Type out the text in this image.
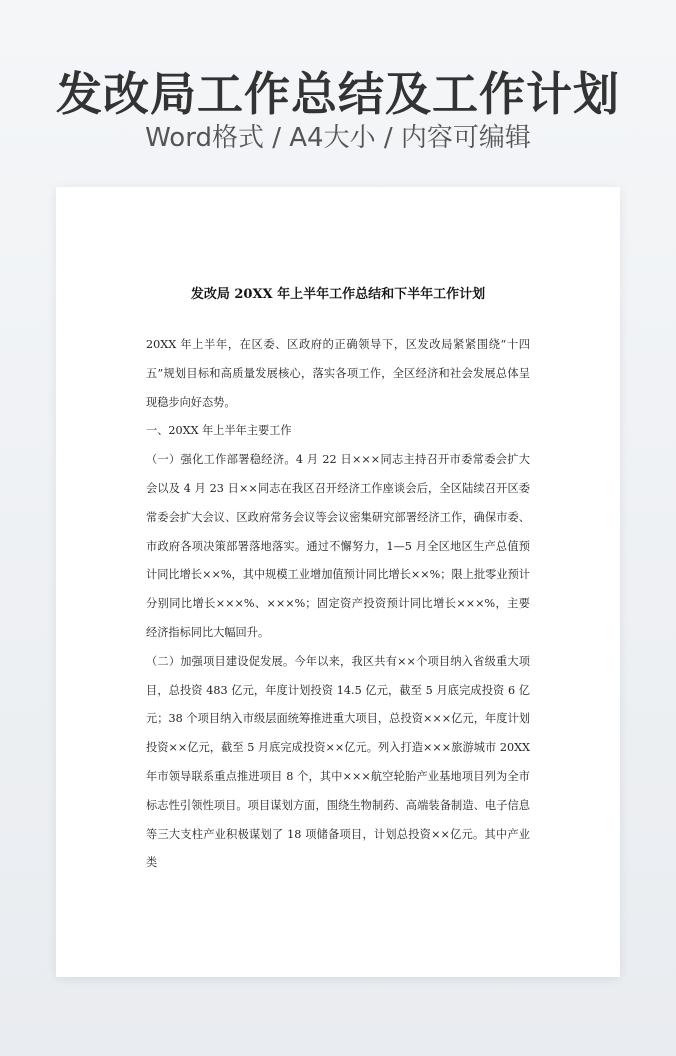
发改局工作总结及工作计划
Word格式 / A4大小 / 内容可编辑
发改局 20XX 年上半年工作总结和下半年工作计划

20XX 年上半年，在区委、区政府的正确领导下，区发改局紧紧围绕“十四五”规划目标和高质量发展核心，落实各项工作，全区经济和社会发展总体呈现稳步向好态势。

一、20XX 年上半年主要工作

（一）强化工作部署稳经济。4 月 22 日×××同志主持召开市委常委会扩大会以及 4 月 23 日××同志在我区召开经济工作座谈会后，全区陆续召开区委常委会扩大会议、区政府常务会议等会议密集研究部署经济工作，确保市委、市政府各项决策部署落地落实。通过不懈努力，1—5 月全区地区生产总值预计同比增长××%，其中规模工业增加值预计同比增长××%；限上批零业预计分别同比增长×××%、×××%；固定资产投资预计同比增长×××%，主要经济指标同比大幅回升。

（二）加强项目建设促发展。今年以来，我区共有××个项目纳入省级重大项目，总投资 483 亿元，年度计划投资 14.5 亿元，截至 5 月底完成投资 6 亿元；38 个项目纳入市级层面统筹推进重大项目，总投资×××亿元，年度计划投资××亿元，截至 5 月底完成投资××亿元。列入打造×××旅游城市 20XX 年市领导联系重点推进项目 8 个，其中×××航空轮胎产业基地项目列为全市标志性引领性项目。项目谋划方面，围绕生物制药、高端装备制造、电子信息等三大支柱产业积极谋划了 18 项储备项目，计划总投资××亿元。其中产业类
